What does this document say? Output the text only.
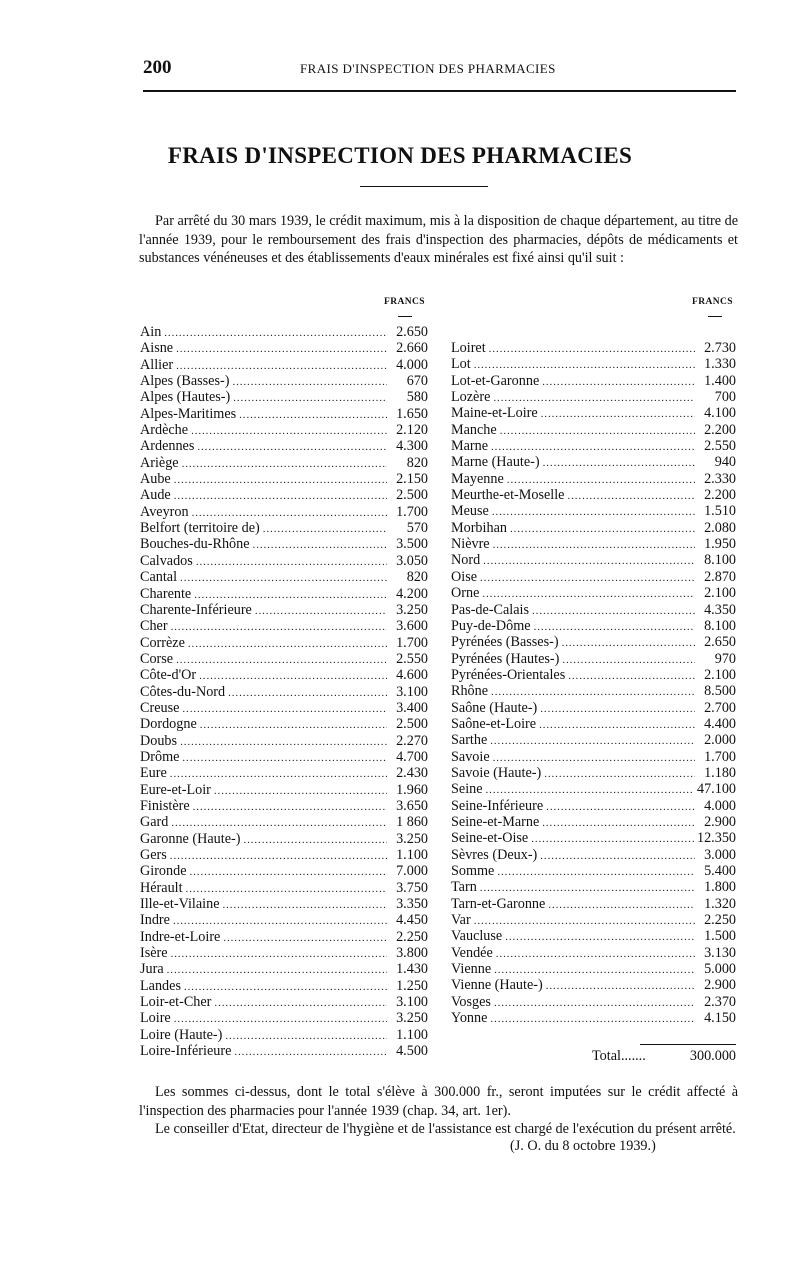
200	FRAIS D'INSPECTION DES PHARMACIES
FRAIS D'INSPECTION DES PHARMACIES

Par arrêté du 30 mars 1939, le crédit maximum, mis à la disposition de chaque département, au titre de l'année 1939, pour le remboursement des frais d'inspection des pharmacies, dépôts de médicaments et substances vénéneuses et des établissements d'eaux minérales est fixé ainsi qu'il suit :

FRANCS	FRANCS
Ain .....	2.650
Aisne .....	2.660
Allier .....	4.000
Alpes (Basses-) .....	670
Alpes (Hautes-) .....	580
Alpes-Maritimes .....	1.650
Ardèche .....	2.120
Ardennes .....	4.300
Ariège .....	820
Aube .....	2.150
Aude .....	2.500
Aveyron .....	1.700
Belfort (territoire de) .....	570
Bouches-du-Rhône .....	3.500
Calvados .....	3.050
Cantal .....	820
Charente .....	4.200
Charente-Inférieure .....	3.250
Cher .....	3.600
Corrèze .....	1.700
Corse .....	2.550
Côte-d'Or .....	4.600
Côtes-du-Nord .....	3.100
Creuse .....	3.400
Dordogne .....	2.500
Doubs .....	2.270
Drôme .....	4.700
Eure .....	2.430
Eure-et-Loir .....	1.960
Finistère .....	3.650
Gard .....	1 860
Garonne (Haute-) .....	3.250
Gers .....	1.100
Gironde .....	7.000
Hérault .....	3.750
Ille-et-Vilaine .....	3.350
Indre .....	4.450
Indre-et-Loire .....	2.250
Isère .....	3.800
Jura .....	1.430
Landes .....	1.250
Loir-et-Cher .....	3.100
Loire .....	3.250
Loire (Haute-) .....	1.100
Loire-Inférieure .....	4.500
Loiret .....	2.730
Lot .....	1.330
Lot-et-Garonne .....	1.400
Lozère .....	700
Maine-et-Loire .....	4.100
Manche .....	2.200
Marne .....	2.550
Marne (Haute-) .....	940
Mayenne .....	2.330
Meurthe-et-Moselle .....	2.200
Meuse .....	1.510
Morbihan .....	2.080
Nièvre .....	1.950
Nord .....	8.100
Oise .....	2.870
Orne .....	2.100
Pas-de-Calais .....	4.350
Puy-de-Dôme .....	8.100
Pyrénées (Basses-) .....	2.650
Pyrénées (Hautes-) .....	970
Pyrénées-Orientales .....	2.100
Rhône .....	8.500
Saône (Haute-) .....	2.700
Saône-et-Loire .....	4.400
Sarthe .....	2.000
Savoie .....	1.700
Savoie (Haute-) .....	1.180
Seine .....	47.100
Seine-Inférieure .....	4.000
Seine-et-Marne .....	2.900
Seine-et-Oise .....	12.350
Sèvres (Deux-) .....	3.000
Somme .....	5.400
Tarn .....	1.800
Tarn-et-Garonne .....	1.320
Var .....	2.250
Vaucluse .....	1.500
Vendée .....	3.130
Vienne .....	5.000
Vienne (Haute-) .....	2.900
Vosges .....	2.370
Yonne .....	4.150
Total.......	300.000

Les sommes ci-dessus, dont le total s'élève à 300.000 fr., seront imputées sur le crédit affecté à l'inspection des pharmacies pour l'année 1939 (chap. 34, art. 1er).

Le conseiller d'Etat, directeur de l'hygiène et de l'assistance est chargé de l'exécution du présent arrêté.

(J. O. du 8 octobre 1939.)
